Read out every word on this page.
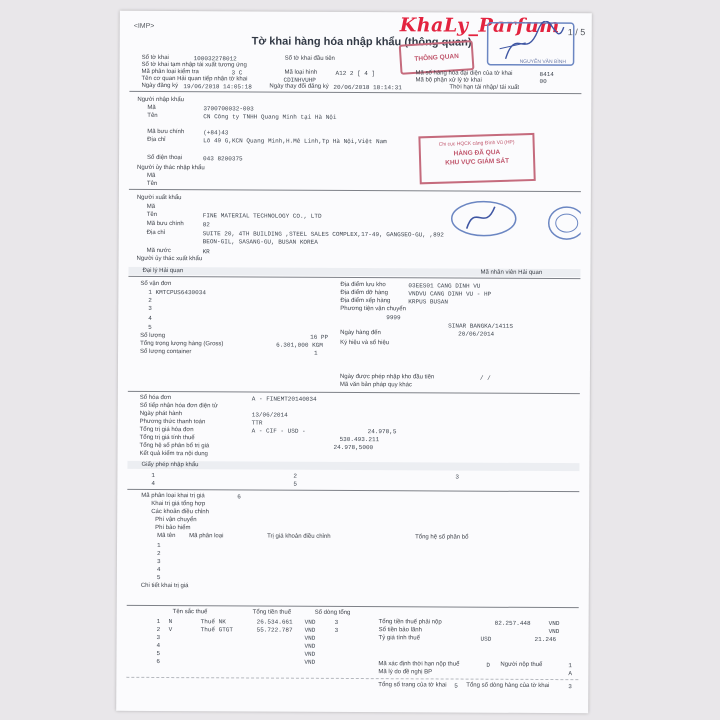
KhaLy_Parfum
<IMP>
1 / 5
Tờ khai hàng hóa nhập khẩu (thông quan)
THÔNG QUAN	NGUYỄN VĂN BÌNH
Số tờ khai	100032278012	Số tờ khai đầu tiên
Số tờ khai tạm nhập tái xuất tương ứng
Mã phân loại kiểm tra	3 C	Mã loại hình	A12 2 [ 4 ]	Mã số hàng hóa đại diện của tờ khai	8414
Tên cơ quan Hải quan tiếp nhận tờ khai	CDINHVUHP	Mã bộ phận xử lý tờ khai	00
Ngày đăng ký 19/06/2018 14:05:18	Ngày thay đổi đăng ký 20/06/2018 18:14:31	Thời hạn tái nhập/ tái xuất
Người nhập khẩu
Mã	3700700032-003
Tên	CN Công ty TNHH Quang Minh tại Hà Nội
Mã bưu chính	(+84)43
Địa chỉ	Lô 49 G,KCN Quang Minh,H.Mê Linh,Tp Hà Nội,Việt Nam
Số điện thoại	043 8200375
Người ủy thác nhập khẩu
Mã
Tên
Chi cục HQCK cảng Đình Vũ (HP)
HÀNG ĐÃ QUA
KHU VỰC GIÁM SÁT
Người xuất khẩu
Mã
Tên	FINE MATERIAL TECHNOLOGY CO., LTD
Mã bưu chính	82
Địa chỉ	SUITE 20, 4TH BUILDING ,STEEL SALES COMPLEX,17-49, GANGSEO-GU, ,892
BEON-GIL, SASANG-GU, BUSAN KOREA
Mã nước	KR
Người ủy thác xuất khẩu
Đại lý Hải quan	Mã nhân viên Hải quan
Số vận đơn
1 KMTCPUS6430034
2
3
4
5
Số lượng	16 PP
Tổng trọng lượng hàng (Gross)	6.301,000 KGM
Số lượng container	1
Địa điểm lưu kho	03EES01 CANG DINH VU
Địa điểm dỡ hàng	VNDVU CANG DINH VU - HP
Địa điểm xếp hàng	KRPUS BUSAN
Phương tiện vận chuyển
9999
SINAR BANGKA/1411S
Ngày hàng đến	20/06/2014
Ký hiệu và số hiệu
Ngày được phép nhập kho đầu tiên	/ /
Mã văn bản pháp quy khác
Số hóa đơn	A - FINEMT20140034
Số tiếp nhận hóa đơn điện tử
Ngày phát hành	13/06/2014
Phương thức thanh toán	TTR
Tổng trị giá hóa đơn	A - CIF - USD -	24.978,5
Tổng trị giá tính thuế	530.493.211
Tổng hệ số phân bổ trị giá	24.978,5000
Kết quả kiểm tra nội dung
Giấy phép nhập khẩu
1	2	3
4	5
Mã phân loại khai trị giá	6
Khai trị giá tổng hợp
Các khoản điều chỉnh
Phí vận chuyển
Phí bảo hiểm
Mã tên Mã phân loại	Trị giá khoản điều chỉnh	Tổng hệ số phân bổ
1
2
3
4
5
Chi tiết khai trị giá
Tên sắc thuế	Tổng tiền thuế	Số dòng tổng
1 N	Thuế NK	26.534.661 VND	3
2 V	Thuế GTGT	55.722.787 VND	3
3	VND
4	VND
5	VND
6	VND
Tổng tiền thuế phải nộp	82.257.448	VND
Số tiền bảo lãnh	VND
Tỷ giá tính thuế	USD	21.246
Mã xác định thời hạn nộp thuế	D Người nộp thuế	1
Mã lý do đề nghị BP	A
Tổng số trang của tờ khai 5 Tổng số dòng hàng của tờ khai	3
